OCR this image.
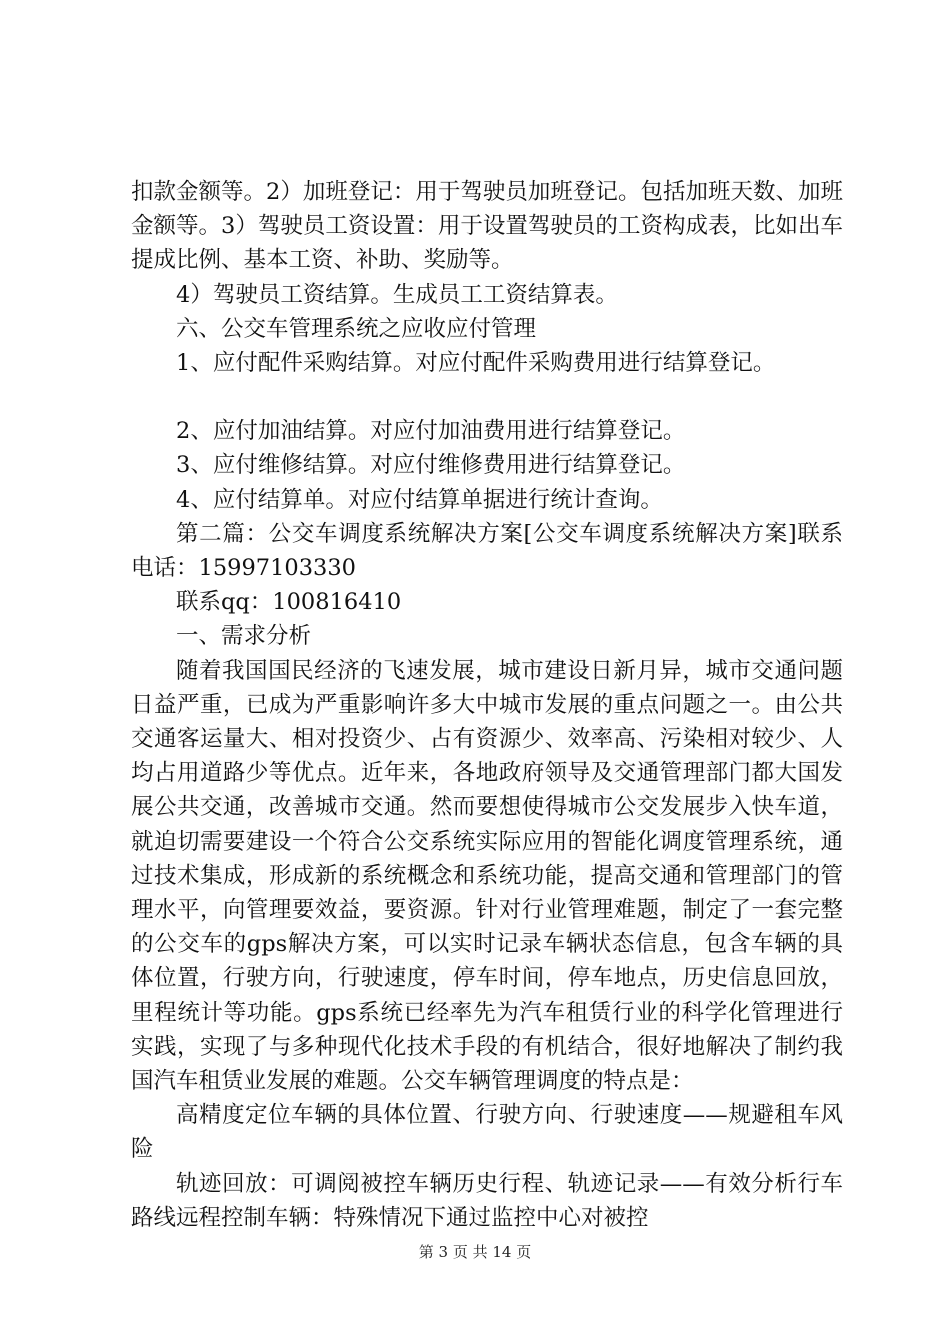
扣款金额等。2）加班登记：用于驾驶员加班登记。包括加班天数、加班金额等。3）驾驶员工资设置：用于设置驾驶员的工资构成表，比如出车提成比例、基本工资、补助、奖励等。

4）驾驶员工资结算。生成员工工资结算表。

六、公交车管理系统之应收应付管理

1、应付配件采购结算。对应付配件采购费用进行结算登记。

2、应付加油结算。对应付加油费用进行结算登记。

3、应付维修结算。对应付维修费用进行结算登记。

4、应付结算单。对应付结算单据进行统计查询。

第二篇：公交车调度系统解决方案[公交车调度系统解决方案]联系电话：15997103330

联系qq：100816410

一、需求分析

随着我国国民经济的飞速发展，城市建设日新月异，城市交通问题日益严重，已成为严重影响许多大中城市发展的重点问题之一。由公共交通客运量大、相对投资少、占有资源少、效率高、污染相对较少、人均占用道路少等优点。近年来，各地政府领导及交通管理部门都大国发展公共交通，改善城市交通。然而要想使得城市公交发展步入快车道，就迫切需要建设一个符合公交系统实际应用的智能化调度管理系统，通过技术集成，形成新的系统概念和系统功能，提高交通和管理部门的管理水平，向管理要效益，要资源。针对行业管理难题，制定了一套完整的公交车的gps解决方案，可以实时记录车辆状态信息，包含车辆的具体位置，行驶方向，行驶速度，停车时间，停车地点，历史信息回放，里程统计等功能。gps系统已经率先为汽车租赁行业的科学化管理进行实践，实现了与多种现代化技术手段的有机结合，很好地解决了制约我国汽车租赁业发展的难题。公交车辆管理调度的特点是：

高精度定位车辆的具体位置、行驶方向、行驶速度——规避租车风险

轨迹回放：可调阅被控车辆历史行程、轨迹记录——有效分析行车路线远程控制车辆：特殊情况下通过监控中心对被控

第 3 页 共 14 页
